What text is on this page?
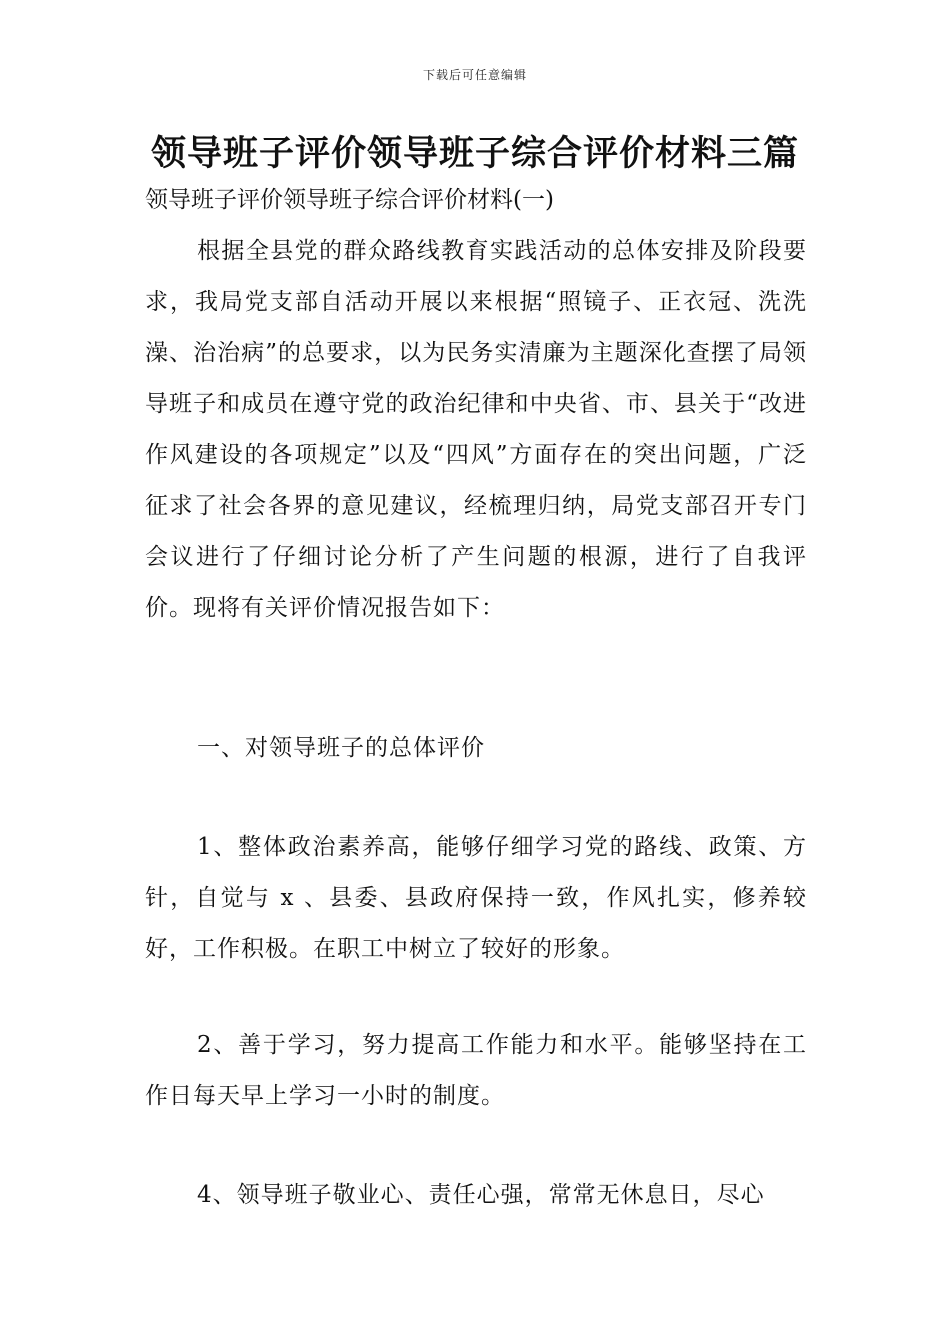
下载后可任意编辑
领导班子评价领导班子综合评价材料三篇

领导班子评价领导班子综合评价材料(一)

根据全县党的群众路线教育实践活动的总体安排及阶段要求，我局党支部自活动开展以来根据“照镜子、正衣冠、洗洗澡、治治病”的总要求，以为民务实清廉为主题深化查摆了局领导班子和成员在遵守党的政治纪律和中央省、市、县关于“改进作风建设的各项规定”以及“四风”方面存在的突出问题，广泛征求了社会各界的意见建议，经梳理归纳，局党支部召开专门会议进行了仔细讨论分析了产生问题的根源，进行了自我评价。现将有关评价情况报告如下：

一、对领导班子的总体评价

1、整体政治素养高，能够仔细学习党的路线、政策、方针，自觉与 x 、县委、县政府保持一致，作风扎实，修养较好，工作积极。在职工中树立了较好的形象。

2、善于学习，努力提高工作能力和水平。能够坚持在工作日每天早上学习一小时的制度。

4、领导班子敬业心、责任心强，常常无休息日，尽心
